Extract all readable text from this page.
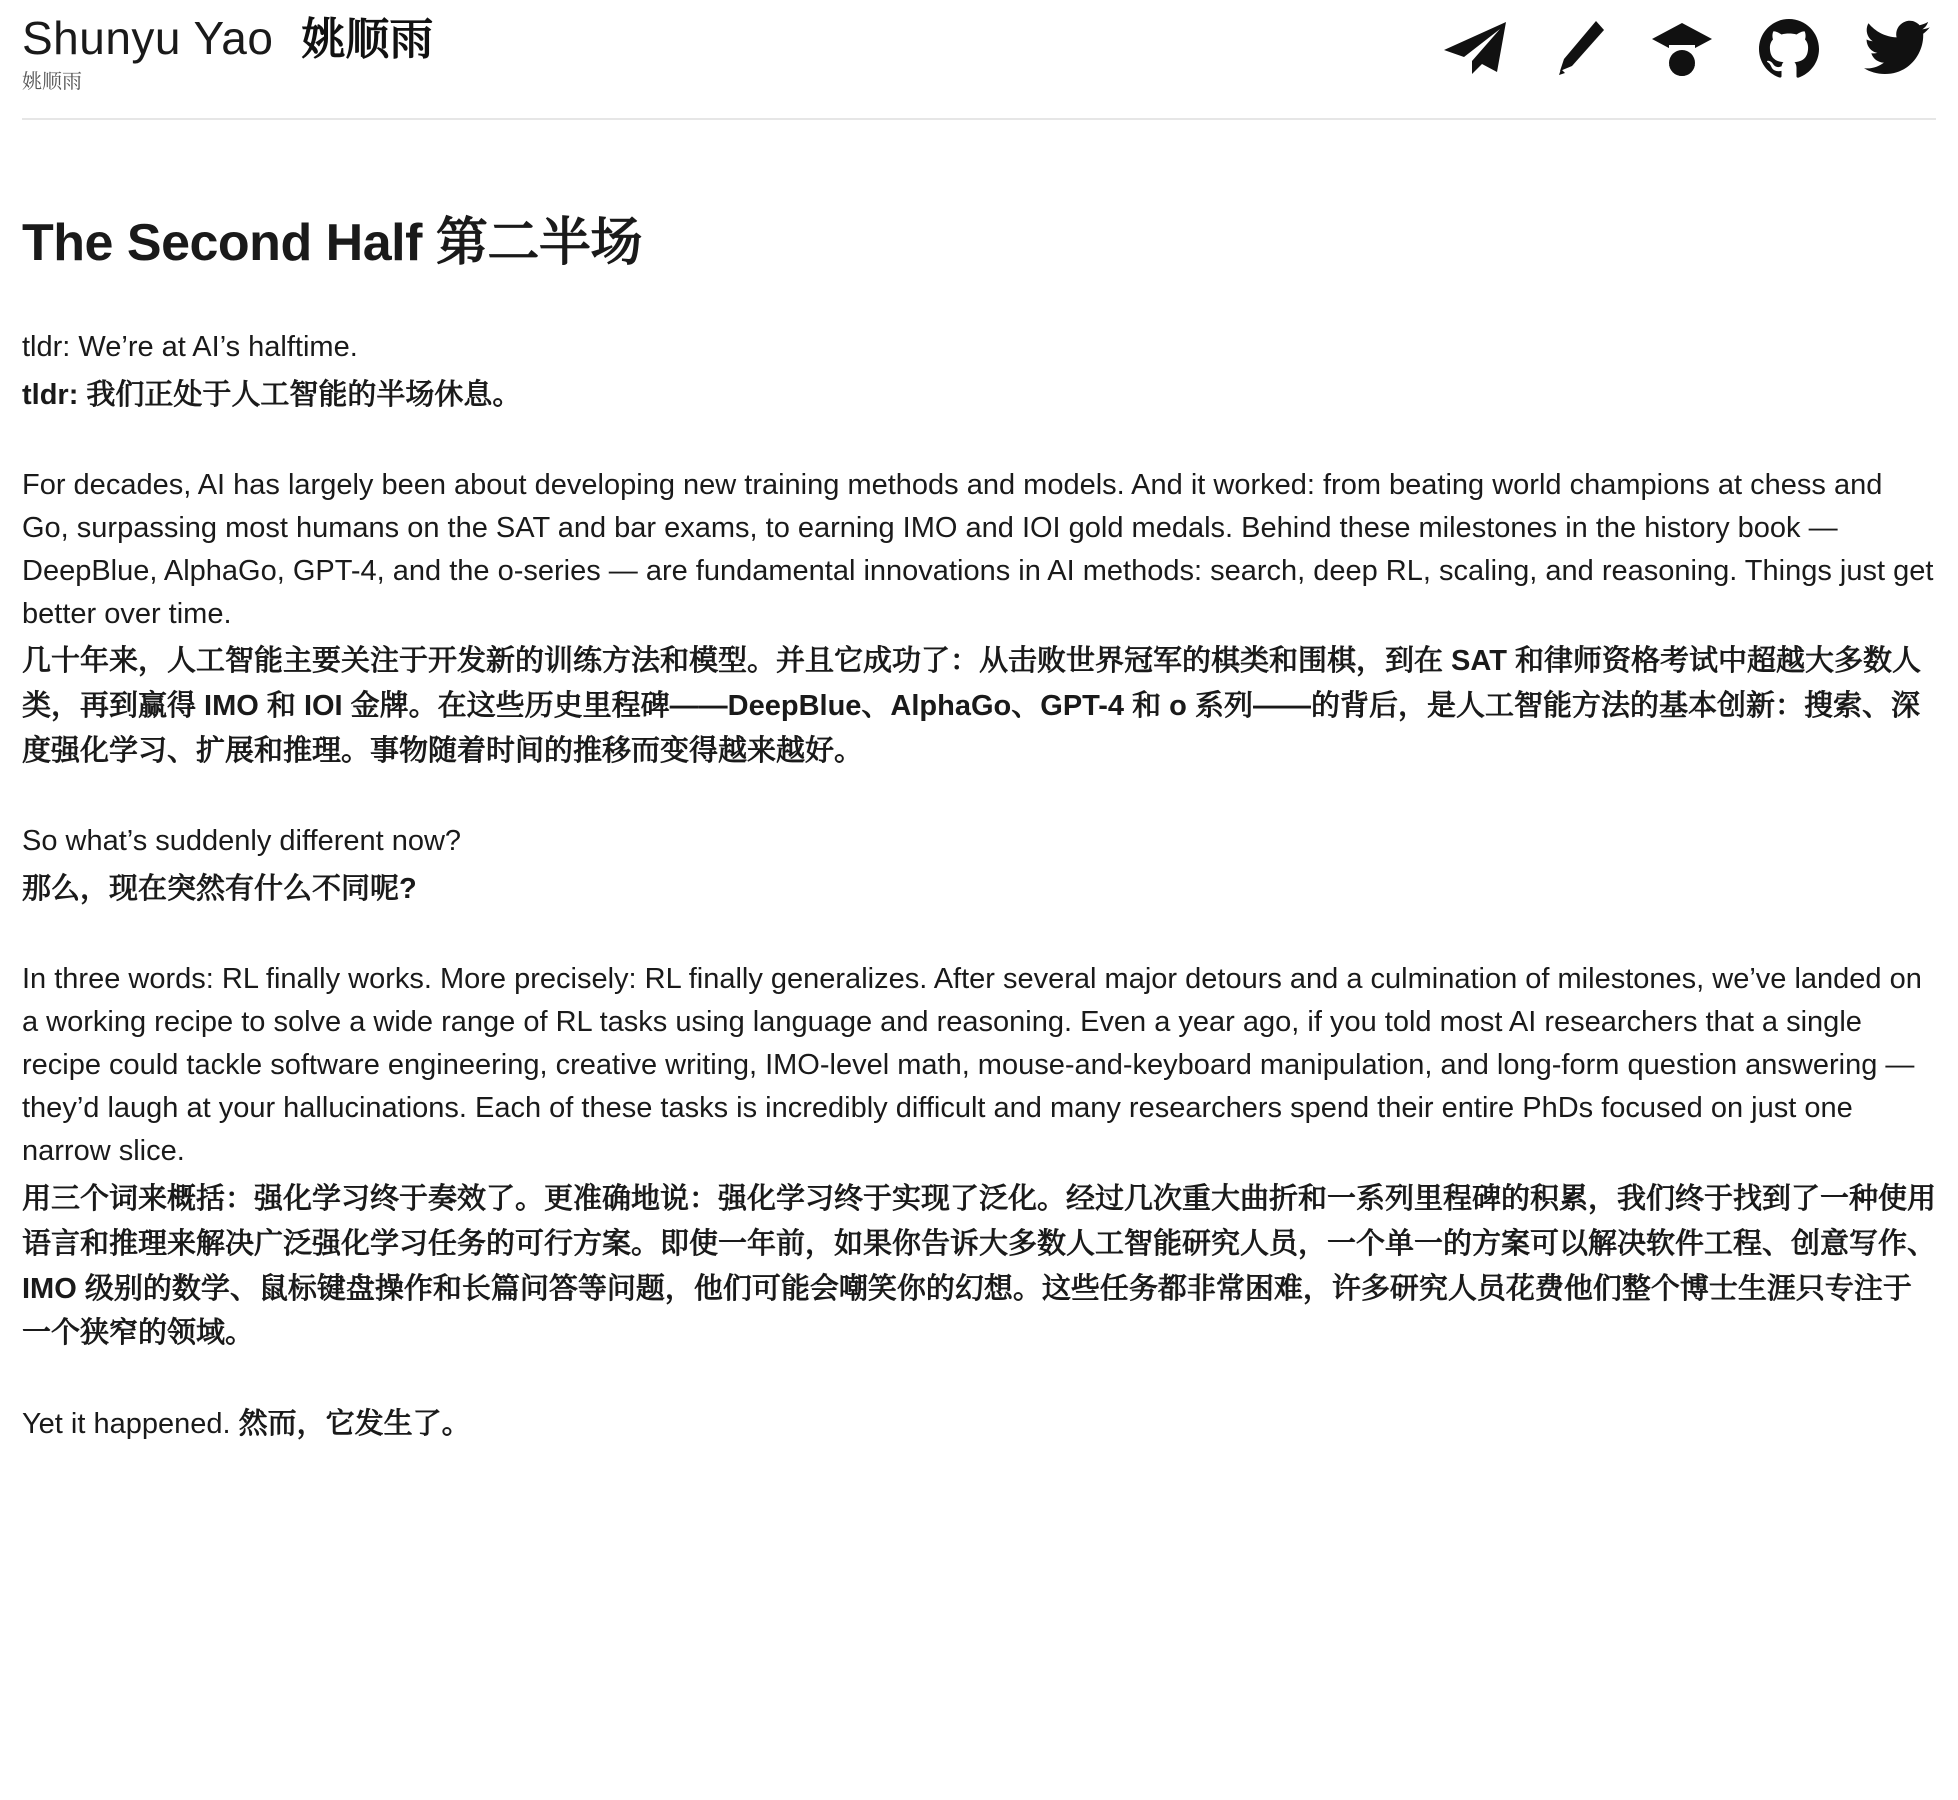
Shunyu Yao 姚顺雨
姚顺雨
The Second Half 第二半场

tldr: We’re at AI’s halftime.

tldr: 我们正处于人工智能的半场休息。

For decades, AI has largely been about developing new training methods and models. And it worked: from beating world champions at chess and Go, surpassing most humans on the SAT and bar exams, to earning IMO and IOI gold medals. Behind these milestones in the history book — DeepBlue, AlphaGo, GPT-4, and the o-series — are fundamental innovations in AI methods: search, deep RL, scaling, and reasoning. Things just get better over time.

几十年来，人工智能主要关注于开发新的训练方法和模型。并且它成功了：从击败世界冠军的棋类和围棋，到在 SAT 和律师资格考试中超越大多数人类，再到赢得 IMO 和 IOI 金牌。在这些历史里程碑——DeepBlue、AlphaGo、GPT-4 和 o 系列——的背后，是人工智能方法的基本创新：搜索、深度强化学习、扩展和推理。事物随着时间的推移而变得越来越好。

So what’s suddenly different now?

那么，现在突然有什么不同呢?

In three words: RL finally works. More precisely: RL finally generalizes. After several major detours and a culmination of milestones, we’ve landed on a working recipe to solve a wide range of RL tasks using language and reasoning. Even a year ago, if you told most AI researchers that a single recipe could tackle software engineering, creative writing, IMO-level math, mouse-and-keyboard manipulation, and long-form question answering — they’d laugh at your hallucinations. Each of these tasks is incredibly difficult and many researchers spend their entire PhDs focused on just one narrow slice.

用三个词来概括：强化学习终于奏效了。更准确地说：强化学习终于实现了泛化。经过几次重大曲折和一系列里程碑的积累，我们终于找到了一种使用语言和推理来解决广泛强化学习任务的可行方案。即使一年前，如果你告诉大多数人工智能研究人员，一个单一的方案可以解决软件工程、创意写作、IMO 级别的数学、鼠标键盘操作和长篇问答等问题，他们可能会嘲笑你的幻想。这些任务都非常困难，许多研究人员花费他们整个博士生涯只专注于一个狭窄的领域。

Yet it happened.

然而，它发生了。
